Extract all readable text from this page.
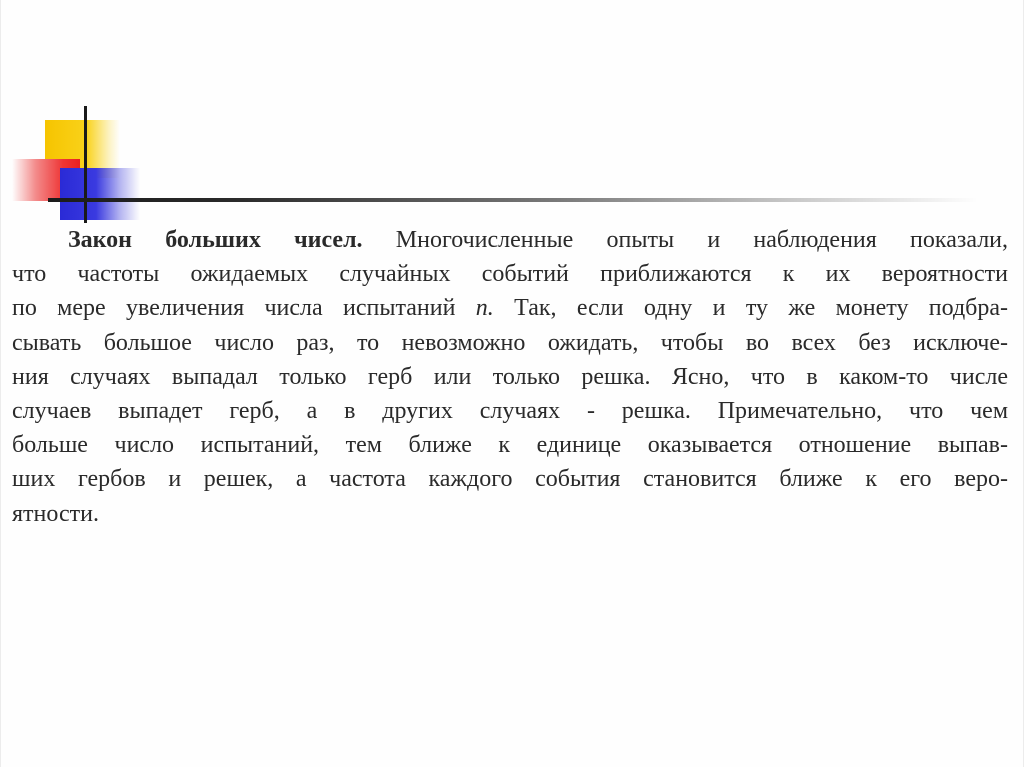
Закон больших чисел. Многочисленные опыты и наблюдения показали,
что частоты ожидаемых случайных событий приближаются к их вероятности
по мере увеличения числа испытаний n. Так, если одну и ту же монету подбра-
сывать большое число раз, то невозможно ожидать, чтобы во всех без исключе-
ния случаях выпадал только герб или только решка. Ясно, что в каком-то числе
случаев выпадет герб, а в других случаях - решка. Примечательно, что чем
больше число испытаний, тем ближе к единице оказывается отношение выпав-
ших гербов и решек, а частота каждого события становится ближе к его веро-
ятности.
